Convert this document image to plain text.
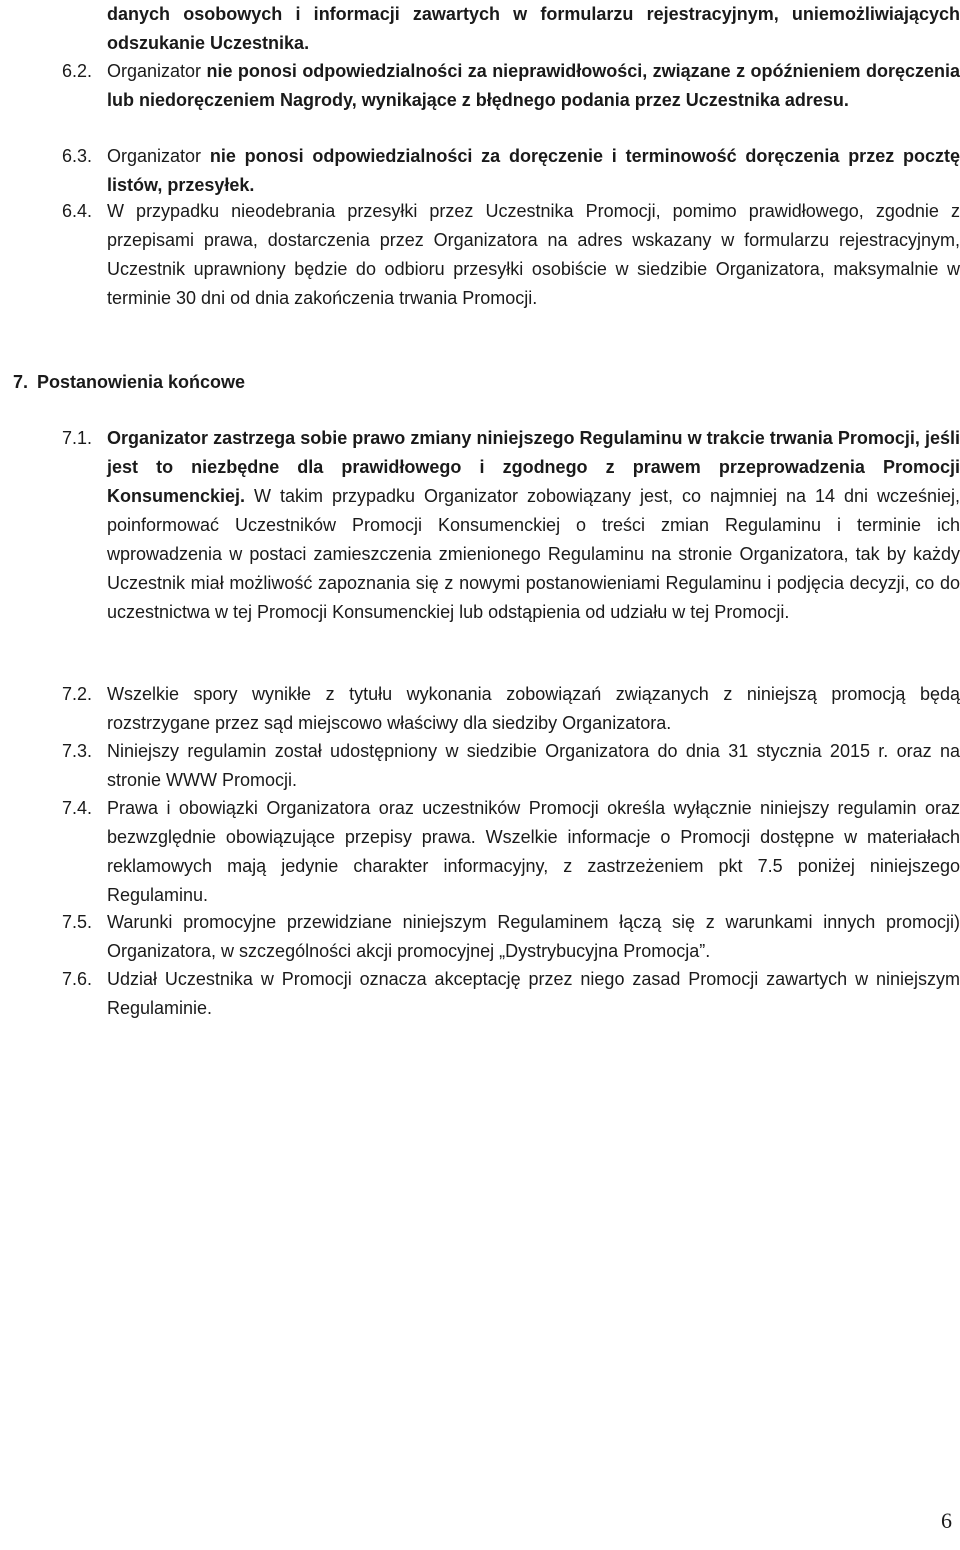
danych osobowych i informacji zawartych w formularzu rejestracyjnym, uniemożliwiających odszukanie Uczestnika.

6.2. Organizator nie ponosi odpowiedzialności za nieprawidłowości, związane z opóźnieniem doręczenia lub niedoręczeniem Nagrody, wynikające z błędnego podania przez Uczestnika adresu.
6.3. Organizator nie ponosi odpowiedzialności za doręczenie i terminowość doręczenia przez pocztę listów, przesyłek.
6.4. W przypadku nieodebrania przesyłki przez Uczestnika Promocji, pomimo prawidłowego, zgodnie z przepisami prawa, dostarczenia przez Organizatora na adres wskazany w formularzu rejestracyjnym, Uczestnik uprawniony będzie do odbioru przesyłki osobiście w siedzibie Organizatora, maksymalnie w terminie 30 dni od dnia zakończenia trwania Promocji.

7. Postanowienia końcowe

7.1. Organizator zastrzega sobie prawo zmiany niniejszego Regulaminu w trakcie trwania Promocji, jeśli jest to niezbędne dla prawidłowego i zgodnego z prawem przeprowadzenia Promocji Konsumenckiej. W takim przypadku Organizator zobowiązany jest, co najmniej na 14 dni wcześniej, poinformować Uczestników Promocji Konsumenckiej o treści zmian Regulaminu i terminie ich wprowadzenia w postaci zamieszczenia zmienionego Regulaminu na stronie Organizatora, tak by każdy Uczestnik miał możliwość zapoznania się z nowymi postanowieniami Regulaminu i podjęcia decyzji, co do uczestnictwa w tej Promocji Konsumenckiej lub odstąpienia od udziału w tej Promocji.
7.2. Wszelkie spory wynikłe z tytułu wykonania zobowiązań związanych z niniejszą promocją będą rozstrzygane przez sąd miejscowo właściwy dla siedziby Organizatora.
7.3. Niniejszy regulamin został udostępniony w siedzibie Organizatora do dnia 31 stycznia 2015 r. oraz na stronie WWW Promocji.
7.4. Prawa i obowiązki Organizatora oraz uczestników Promocji określa wyłącznie niniejszy regulamin oraz bezwzględnie obowiązujące przepisy prawa. Wszelkie informacje o Promocji dostępne w materiałach reklamowych mają jedynie charakter informacyjny, z zastrzeżeniem pkt 7.5 poniżej niniejszego Regulaminu.
7.5. Warunki promocyjne przewidziane niniejszym Regulaminem łączą się z warunkami innych promocji) Organizatora, w szczególności akcji promocyjnej „Dystrybucyjna Promocja”.
7.6. Udział Uczestnika w Promocji oznacza akceptację przez niego zasad Promocji zawartych w niniejszym Regulaminie.

6
